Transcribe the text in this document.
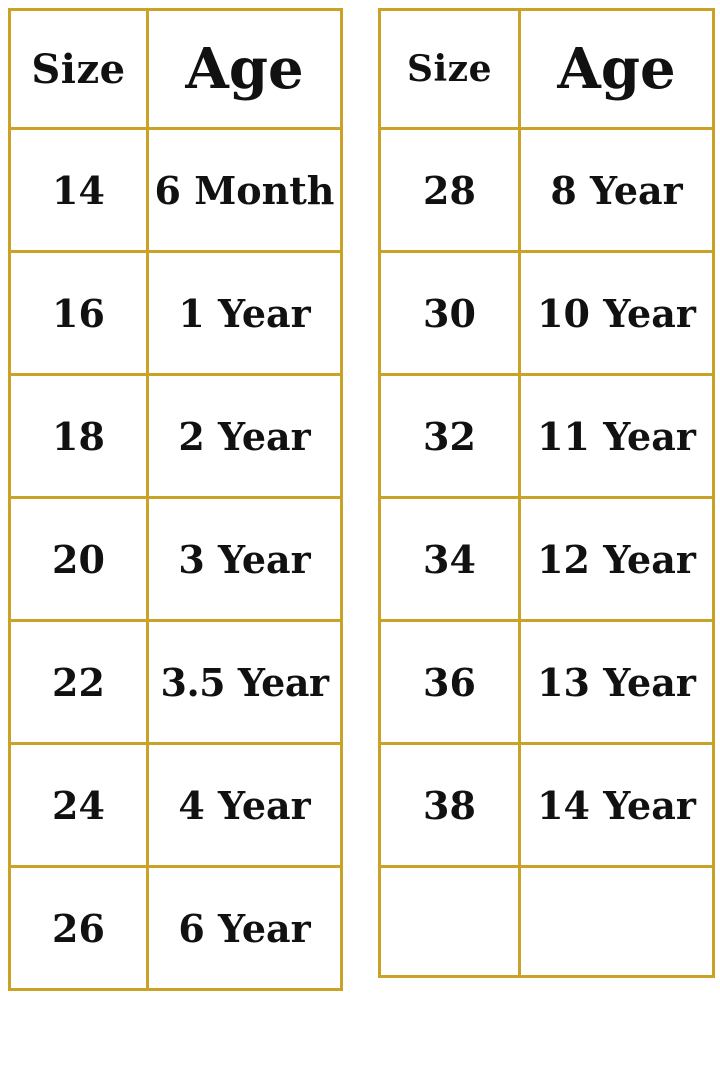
Size	Age
14	6 Month
16	1 Year
18	2 Year
20	3 Year
22	3.5 Year
24	4 Year
26	6 Year
Size	Age
28	8 Year
30	10 Year
32	11 Year
34	12 Year
36	13 Year
38	14 Year
